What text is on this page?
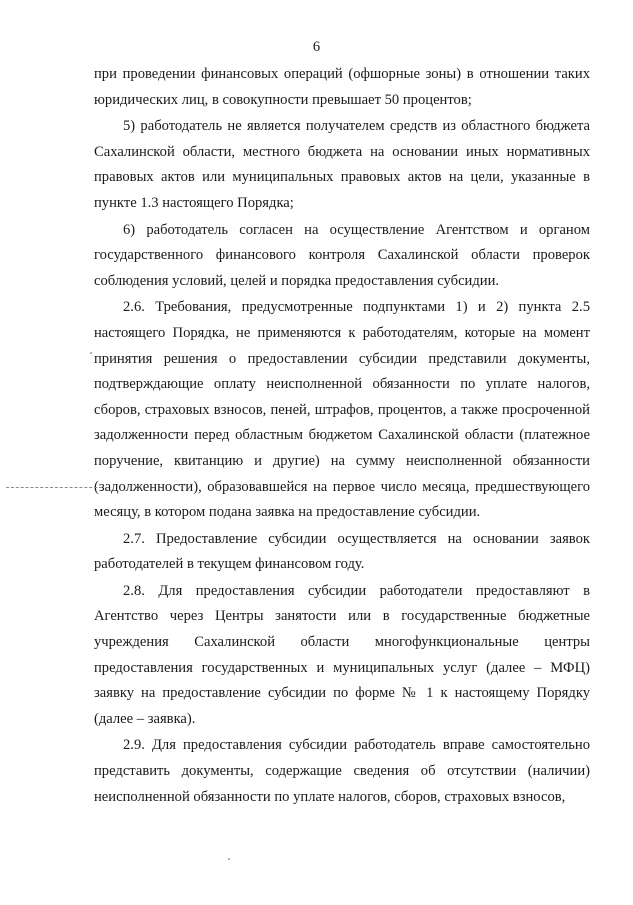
6

при проведении финансовых операций (офшорные зоны) в отношении таких юридических лиц, в совокупности превышает 50 процентов;

5) работодатель не является получателем средств из областного бюджета Сахалинской области, местного бюджета на основании иных нормативных правовых актов или муниципальных правовых актов на цели, указанные в пункте 1.3 настоящего Порядка;

6) работодатель согласен на осуществление Агентством и органом государственного финансового контроля Сахалинской области проверок соблюдения условий, целей и порядка предоставления субсидии.

2.6. Требования, предусмотренные подпунктами 1) и 2) пункта 2.5 настоящего Порядка, не применяются к работодателям, которые на момент принятия решения о предоставлении субсидии представили документы, подтверждающие оплату неисполненной обязанности по уплате налогов, сборов, страховых взносов, пеней, штрафов, процентов, а также просроченной задолженности перед областным бюджетом Сахалинской области (платежное поручение, квитанцию и другие) на сумму неисполненной обязанности (задолженности), образовавшейся на первое число месяца, предшествующего месяцу, в котором подана заявка на предоставление субсидии.

2.7. Предоставление субсидии осуществляется на основании заявок работодателей в текущем финансовом году.

2.8. Для предоставления субсидии работодатели предоставляют в Агентство через Центры занятости или в государственные бюджетные учреждения Сахалинской области многофункциональные центры предоставления государственных и муниципальных услуг (далее – МФЦ) заявку на предоставление субсидии по форме № 1 к настоящему Порядку (далее – заявка).

2.9. Для предоставления субсидии работодатель вправе самостоятельно представить документы, содержащие сведения об отсутствии (наличии) неисполненной обязанности по уплате налогов, сборов, страховых взносов,
